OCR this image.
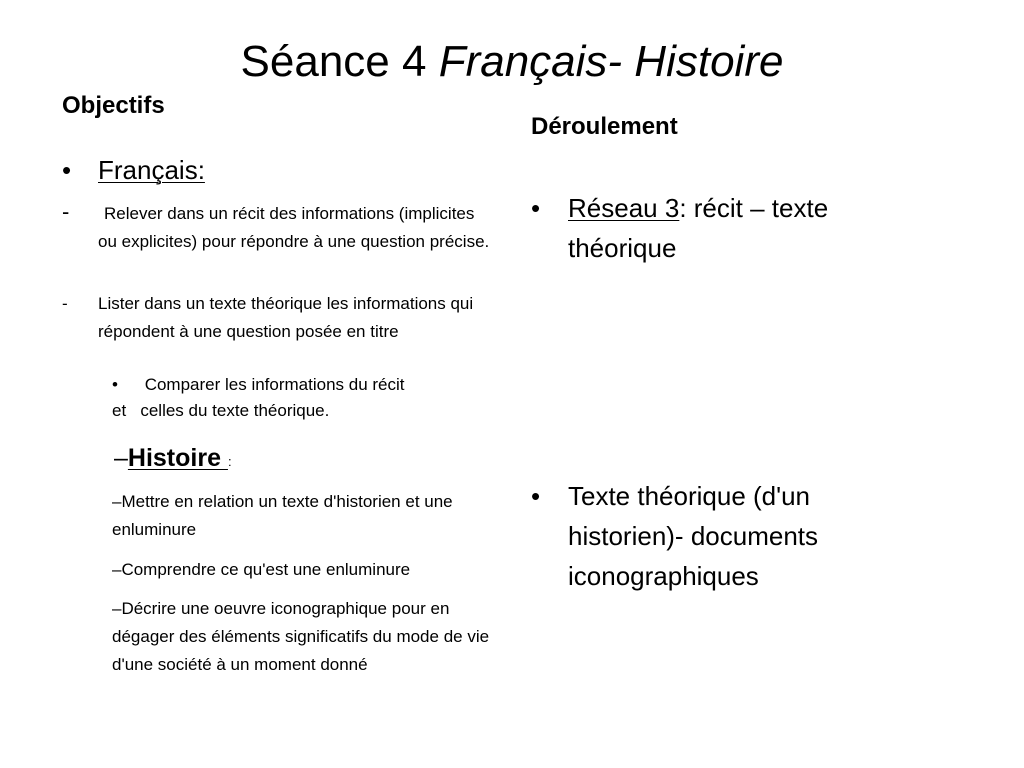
Séance 4 Français- Histoire
Objectifs
• Français:
-	Relever dans un récit des informations (implicites ou explicites) pour répondre à une question précise.
- Lister dans un texte théorique les informations qui répondent à une question posée en titre
• Comparer les informations du récit
et   celles du texte théorique.
–Histoire :
–Mettre en relation un texte d'historien et une enluminure
–Comprendre ce qu'est une enluminure
–Décrire une oeuvre iconographique pour en dégager des éléments significatifs du mode de vie d'une société à un moment donné
Déroulement
• Réseau 3: récit – texte théorique
• Texte théorique (d'un historien)- documents iconographiques
